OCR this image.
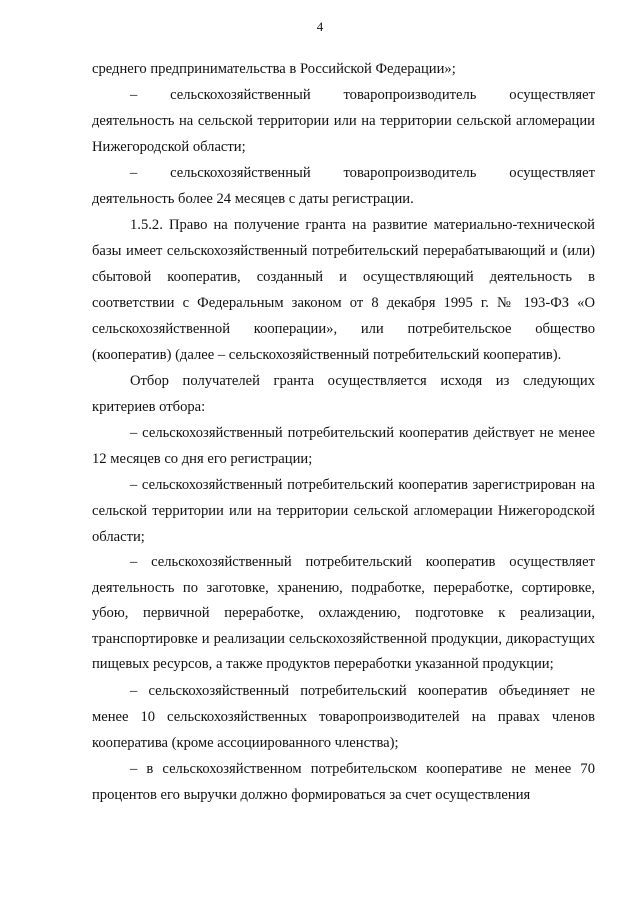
4

среднего предпринимательства в Российской Федерации»;

–    сельскохозяйственный    товаропроизводитель    осуществляет деятельность на сельской территории или на территории сельской агломерации Нижегородской области;

–    сельскохозяйственный    товаропроизводитель    осуществляет деятельность более 24 месяцев с даты регистрации.

1.5.2. Право на получение гранта на развитие материально-технической базы имеет сельскохозяйственный потребительский перерабатывающий и (или) сбытовой кооператив, созданный и осуществляющий деятельность в соответствии с Федеральным законом от 8 декабря 1995 г. № 193-ФЗ «О сельскохозяйственной кооперации», или потребительское общество (кооператив) (далее – сельскохозяйственный потребительский кооператив).

Отбор получателей гранта осуществляется исходя из следующих критериев отбора:

– сельскохозяйственный потребительский кооператив действует не менее 12 месяцев со дня его регистрации;

– сельскохозяйственный потребительский кооператив зарегистрирован на сельской территории или на территории сельской агломерации Нижегородской области;

– сельскохозяйственный потребительский кооператив осуществляет деятельность по заготовке, хранению, подработке, переработке, сортировке, убою, первичной переработке, охлаждению, подготовке к реализации, транспортировке и реализации сельскохозяйственной продукции, дикорастущих пищевых ресурсов, а также продуктов переработки указанной продукции;

– сельскохозяйственный потребительский кооператив объединяет не менее 10 сельскохозяйственных товаропроизводителей на правах членов кооператива (кроме ассоциированного членства);

– в сельскохозяйственном потребительском кооперативе не менее 70 процентов его выручки должно формироваться за счет осуществления
